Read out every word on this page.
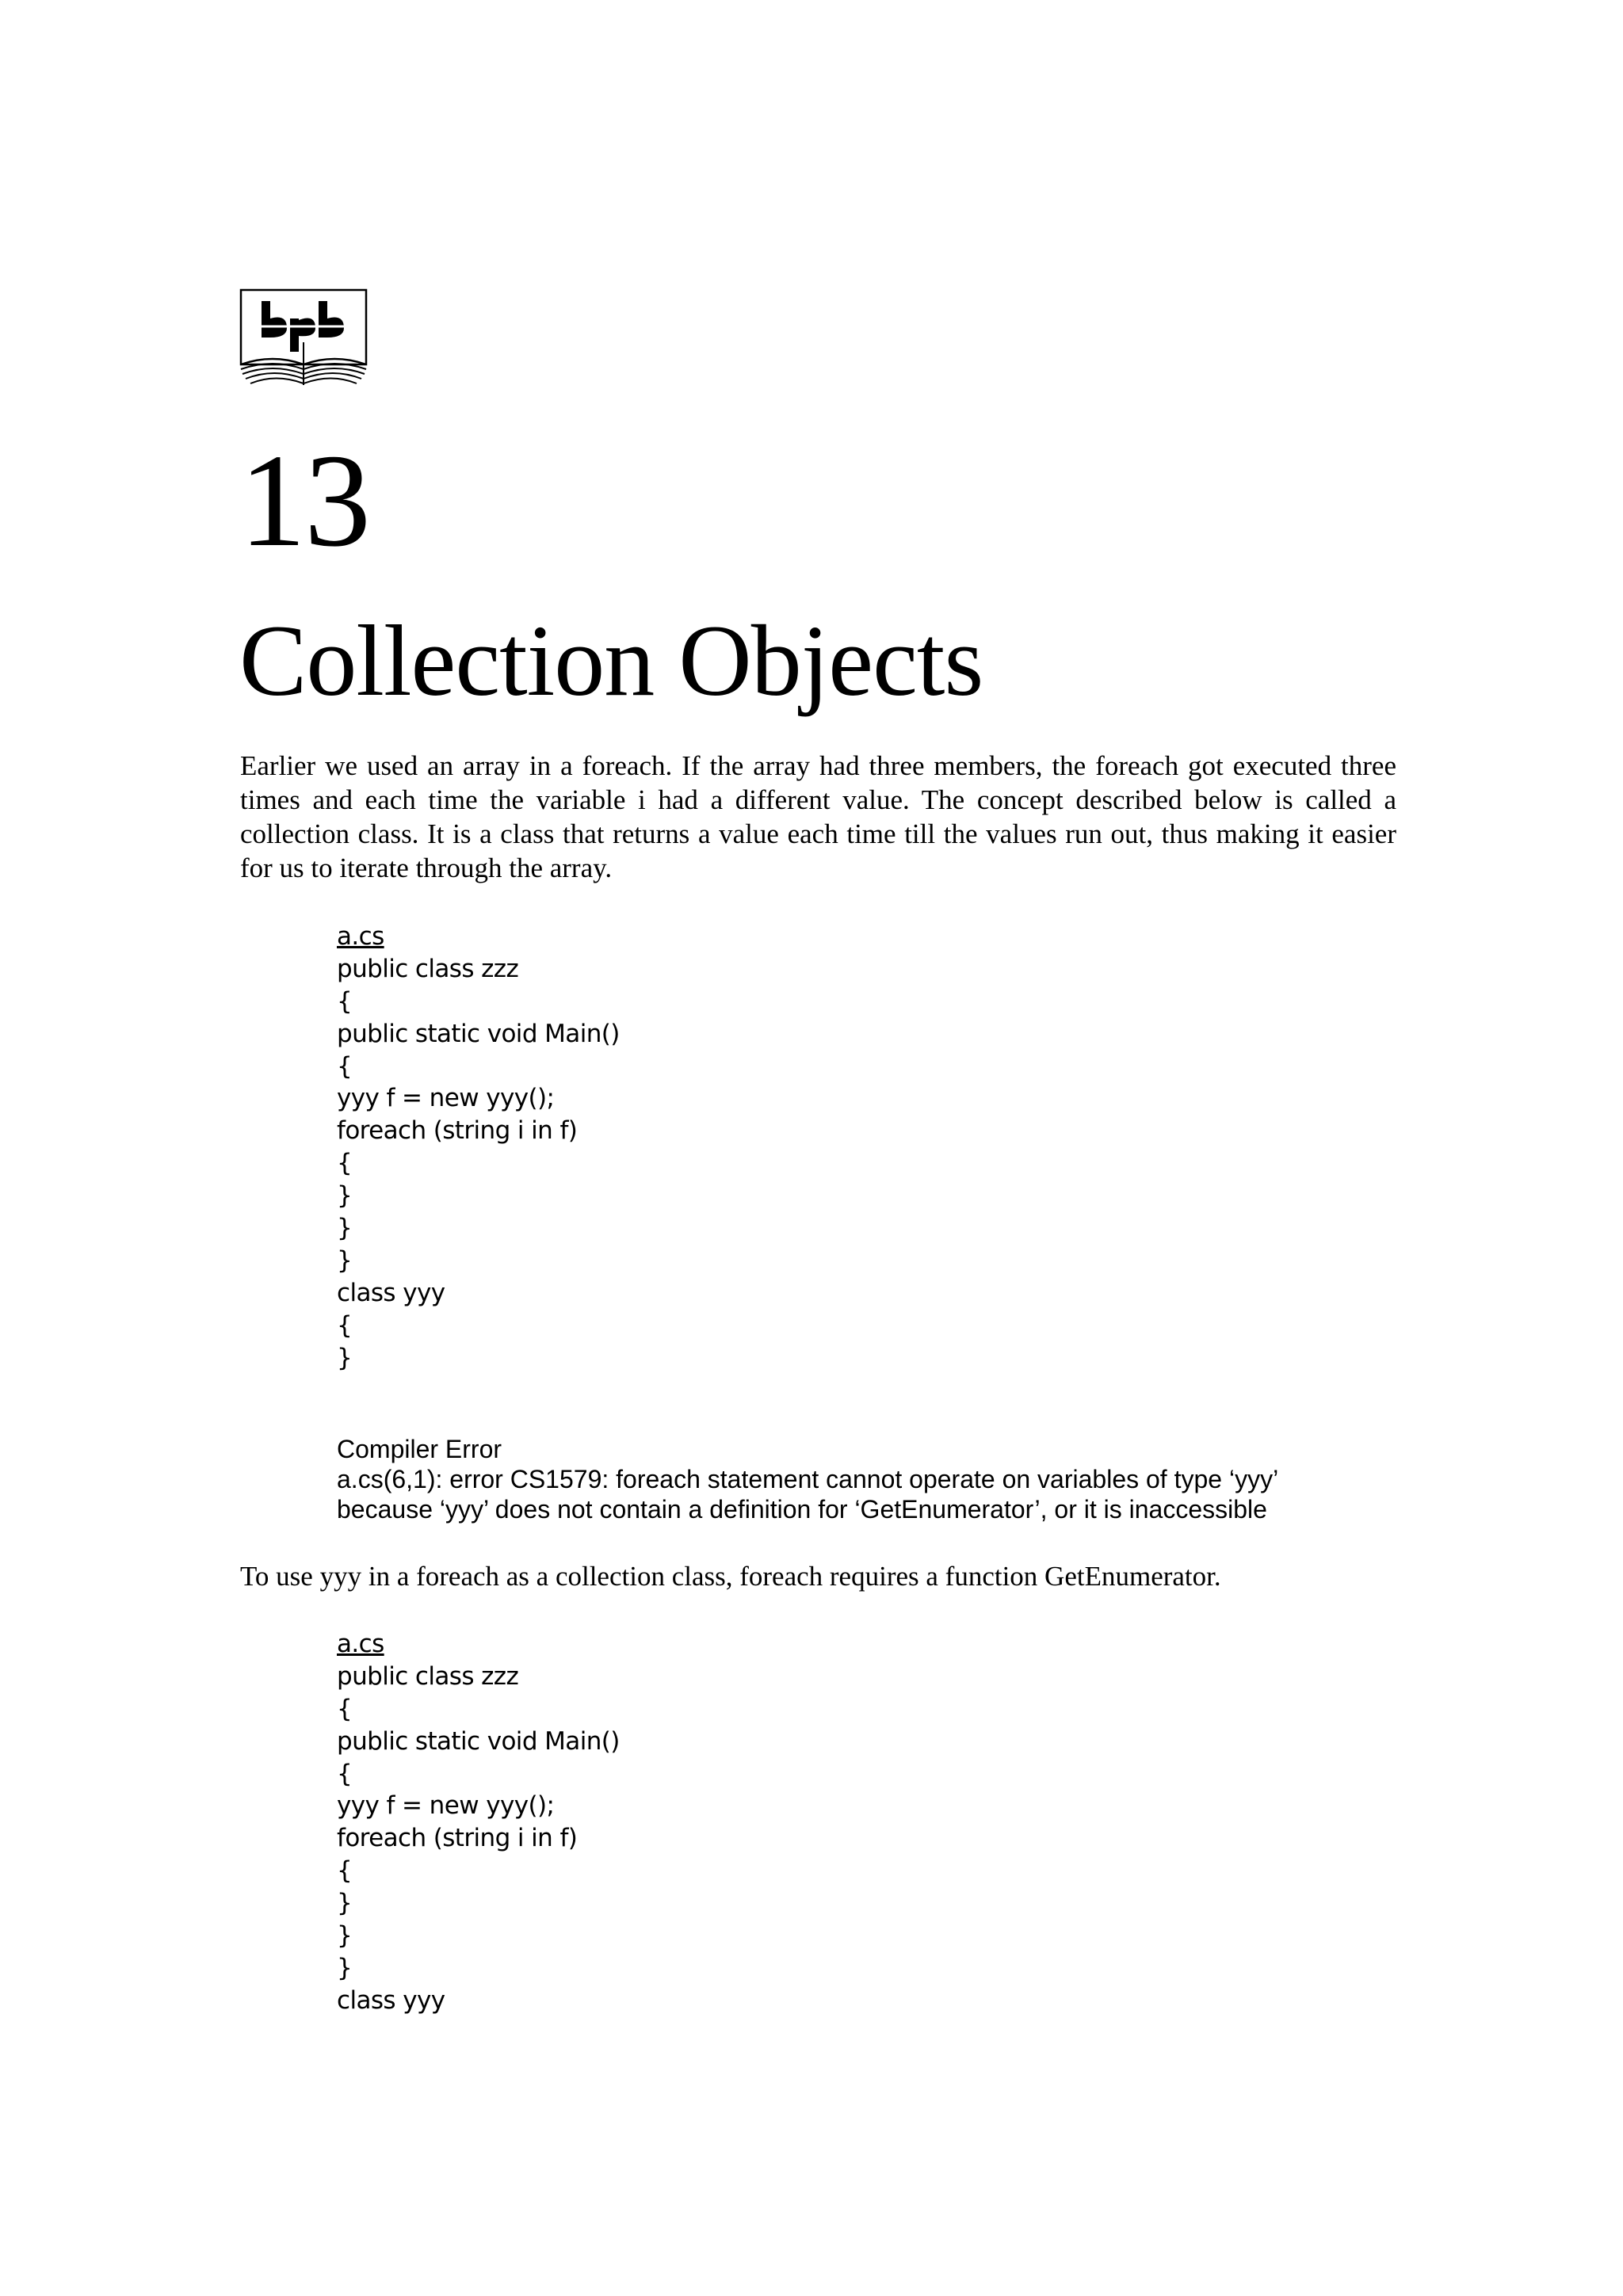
13
Collection Objects

Earlier we used an array in a foreach. If the array had three members, the foreach got executed three times and each time the variable i had a different value. The concept described below is called a collection class. It is a class that returns a value each time till the values run out, thus making it easier for us to iterate through the array.

a.cs
public class zzz
{
public static void Main()
{
yyy f = new yyy();
foreach (string i in f)
{
}
}
}
class yyy
{
}
Compiler Error
a.cs(6,1): error CS1579: foreach statement cannot operate on variables of type ‘yyy’
because ‘yyy’ does not contain a definition for ‘GetEnumerator’, or it is inaccessible

To use yyy in a foreach as a collection class, foreach requires a function GetEnumerator.

a.cs
public class zzz
{
public static void Main()
{
yyy f = new yyy();
foreach (string i in f)
{
}
}
}
class yyy
